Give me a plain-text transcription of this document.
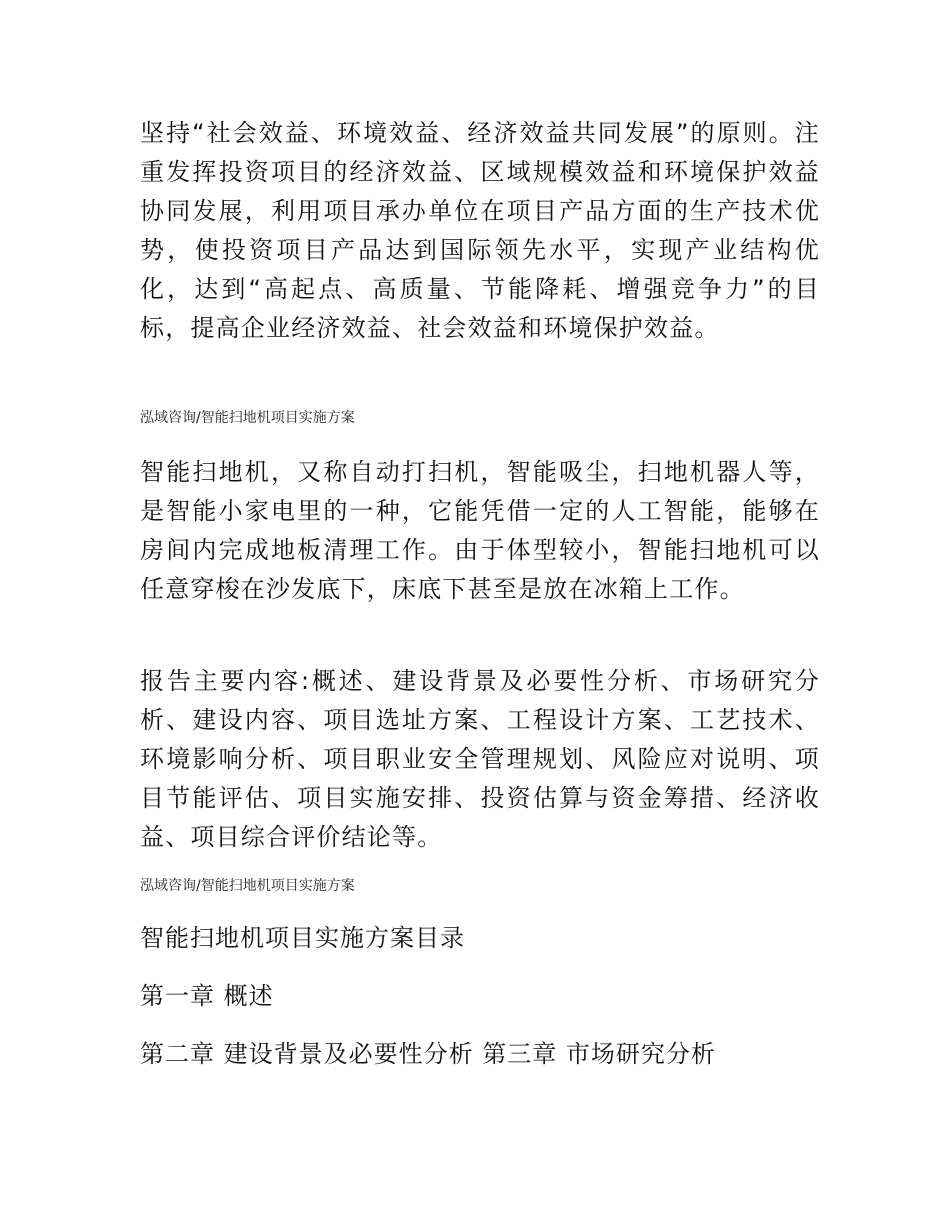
坚持“社会效益、环境效益、经济效益共同发展”的原则。注重发挥投资项目的经济效益、区域规模效益和环境保护效益协同发展，利用项目承办单位在项目产品方面的生产技术优势，使投资项目产品达到国际领先水平，实现产业结构优化，达到“高起点、高质量、节能降耗、增强竞争力”的目标，提高企业经济效益、社会效益和环境保护效益。

泓域咨询/智能扫地机项目实施方案

智能扫地机，又称自动打扫机，智能吸尘，扫地机器人等，是智能小家电里的一种，它能凭借一定的人工智能，能够在房间内完成地板清理工作。由于体型较小，智能扫地机可以任意穿梭在沙发底下，床底下甚至是放在冰箱上工作。

报告主要内容:概述、建设背景及必要性分析、市场研究分析、建设内容、项目选址方案、工程设计方案、工艺技术、环境影响分析、项目职业安全管理规划、风险应对说明、项目节能评估、项目实施安排、投资估算与资金筹措、经济收益、项目综合评价结论等。

泓域咨询/智能扫地机项目实施方案
智能扫地机项目实施方案目录
第一章 概述
第二章 建设背景及必要性分析 第三章 市场研究分析
